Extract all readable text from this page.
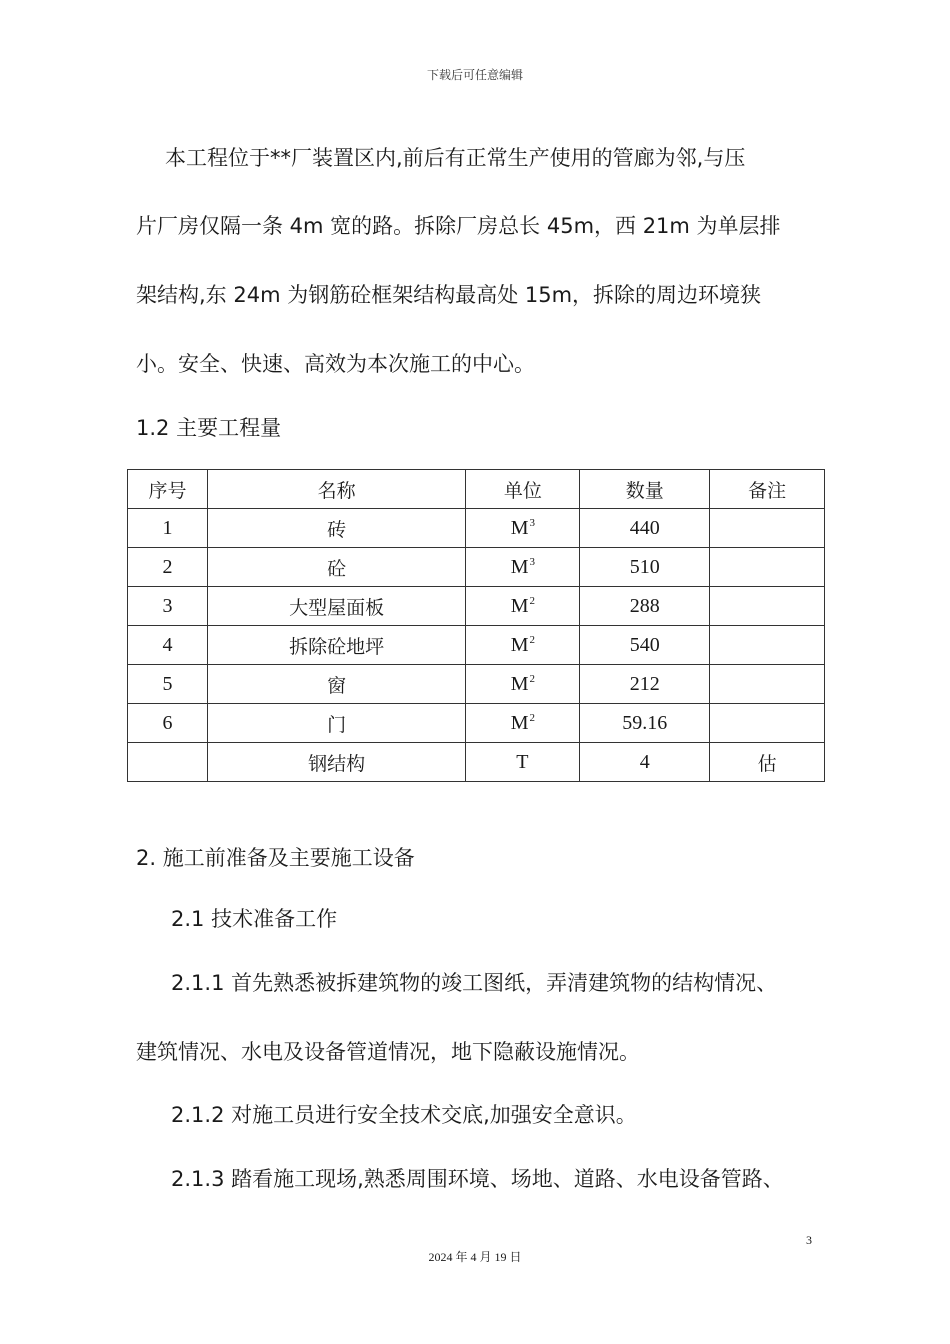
下载后可任意编辑
本工程位于**厂装置区内,前后有正常生产使用的管廊为邻,与压
片厂房仅隔一条 4m 宽的路。拆除厂房总长 45m，西 21m 为单层排
架结构,东 24m 为钢筋砼框架结构最高处 15m，拆除的周边环境狭
小。安全、快速、高效为本次施工的中心。
1.2 主要工程量
序号	名称	单位	数量	备注
1	砖	$M^3$	440	
2	砼	$M^3$	510	
3	大型屋面板	$M^2$	288	
4	拆除砼地坪	$M^2$	540	
5	窗	$M^2$	212	
6	门	$M^2$	59.16	
	钢结构	T	4	估
2. 施工前准备及主要施工设备
2.1 技术准备工作
2.1.1 首先熟悉被拆建筑物的竣工图纸，弄清建筑物的结构情况、
建筑情况、水电及设备管道情况，地下隐蔽设施情况。
2.1.2 对施工员进行安全技术交底,加强安全意识。
2.1.3 踏看施工现场,熟悉周围环境、场地、道路、水电设备管路、
3
2024 年 4 月 19 日
